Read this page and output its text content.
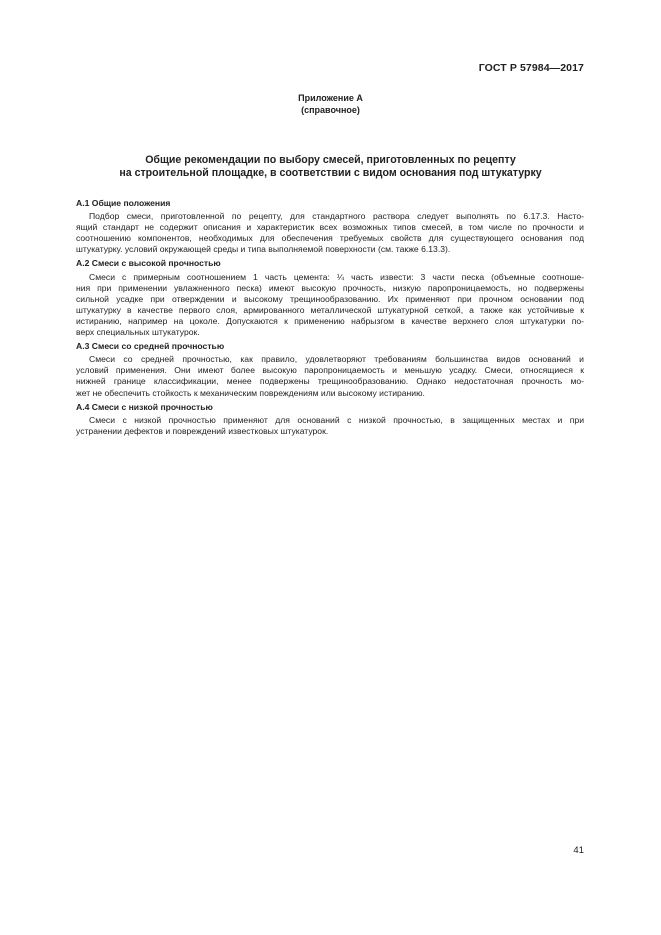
ГОСТ Р 57984—2017
Приложение А
(справочное)
Общие рекомендации по выбору смесей, приготовленных по рецепту
на строительной площадке, в соответствии с видом основания под штукатурку
А.1 Общие положения
Подбор смеси, приготовленной по рецепту, для стандартного раствора следует выполнять по 6.17.3. Насто-
ящий стандарт не содержит описания и характеристик всех возможных типов смесей, в том числе по прочности и
соотношению компонентов, необходимых для обеспечения требуемых свойств для существующего основания под
штукатурку. условий окружающей среды и типа выполняемой поверхности (см. также 6.13.3).
А.2 Смеси с высокой прочностью
Смеси с примерным соотношением 1 часть цемента: ¼ часть извести: 3 части песка (объемные соотноше-
ния при применении увлажненного песка) имеют высокую прочность, низкую паропроницаемость, но подвержены
сильной усадке при отверждении и высокому трещинообразованию. Их применяют при прочном основании под
штукатурку в качестве первого слоя, армированного металлической штукатурной сеткой, а также как устойчивые к
истиранию, например на цоколе. Допускаются к применению набрызгом в качестве верхнего слоя штукатурки по-
верх специальных штукатурок.
А.3 Смеси со средней прочностью
Смеси со средней прочностью, как правило, удовлетворяют требованиям большинства видов оснований и
условий применения. Они имеют более высокую паропроницаемость и меньшую усадку. Смеси, относящиеся к
нижней границе классификации, менее подвержены трещинообразованию. Однако недостаточная прочность мо-
жет не обеспечить стойкость к механическим повреждениям или высокому истиранию.
А.4 Смеси с низкой прочностью
Смеси с низкой прочностью применяют для оснований с низкой прочностью, в защищенных местах и при
устранении дефектов и повреждений известковых штукатурок.
41
